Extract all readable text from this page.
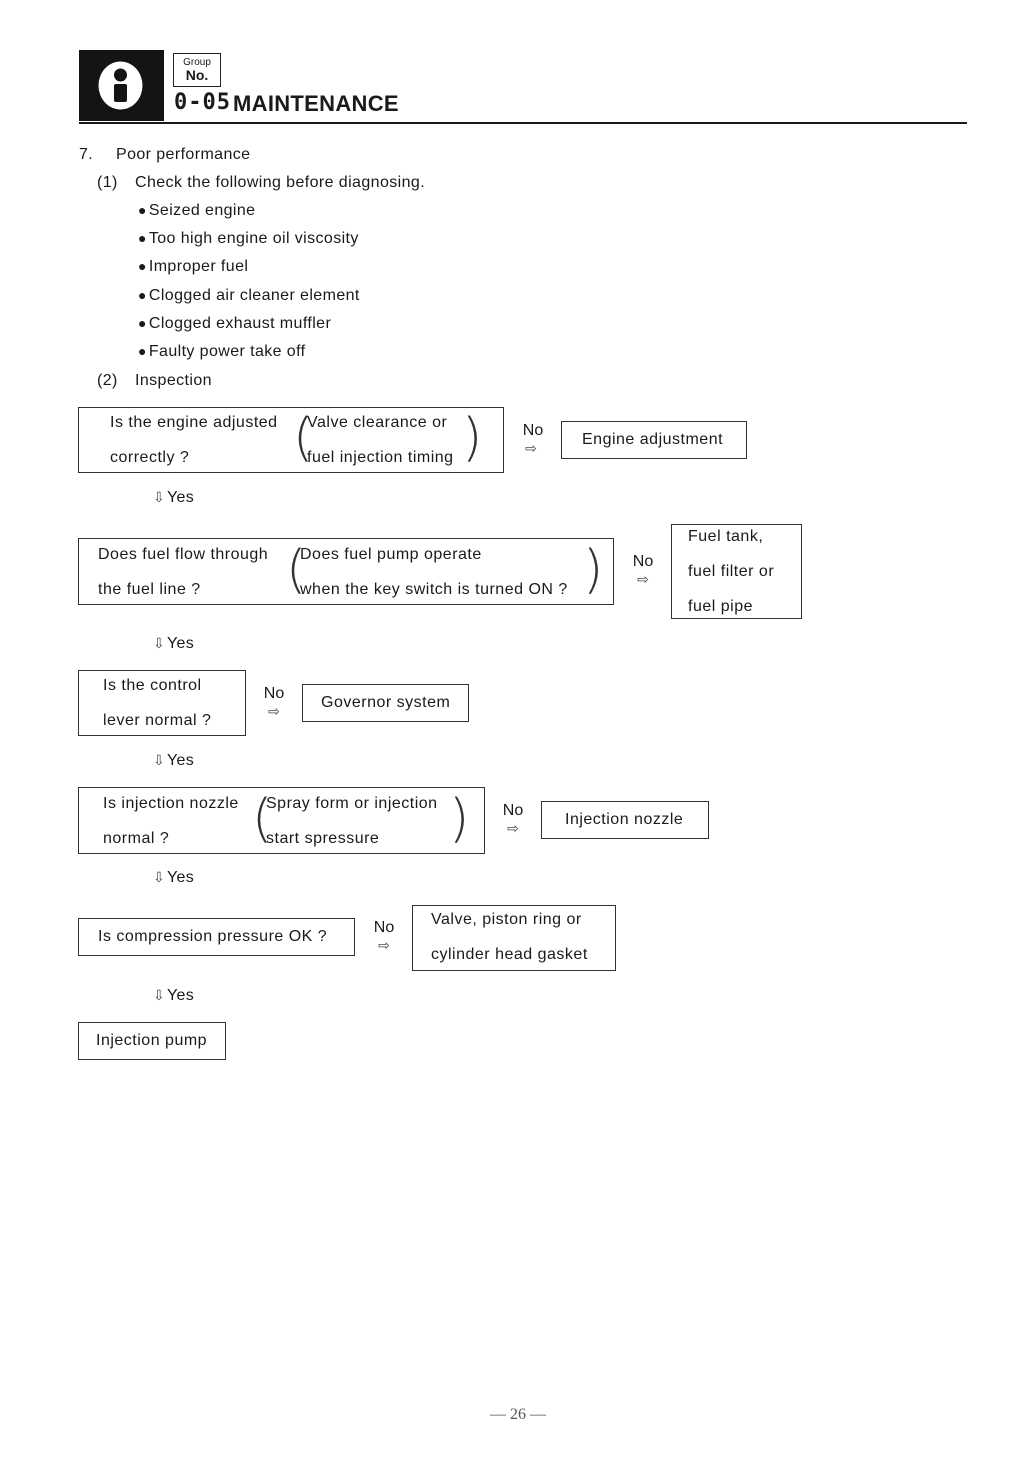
Group
No.
0-05 MAINTENANCE
7. Poor performance
(1) Check the following before diagnosing.
● Seized engine
● Too high engine oil viscosity
● Improper fuel
● Clogged air cleaner element
● Clogged exhaust muffler
● Faulty power take off
(2) Inspection
Is the engine adjusted
correctly ? (
Valve clearance or
fuel injection timing )	No
⇨	Engine adjustment
⇩ Yes
Does fuel flow through
the fuel line ? (
Does fuel pump operate
when the key switch is turned ON ? ) No
⇨
Fuel tank,
fuel filter or
fuel pipe
⇩ Yes
Is the control
lever normal ?
No
⇨	Governor system
⇩ Yes
Is injection nozzle
normal ? (
Spray form or injection
start spressure ) No
⇨	Injection nozzle
⇩ Yes
Is compression pressure OK ?
No
⇨
Valve, piston ring or
cylinder head gasket
⇩ Yes
Injection pump
— 26 —
